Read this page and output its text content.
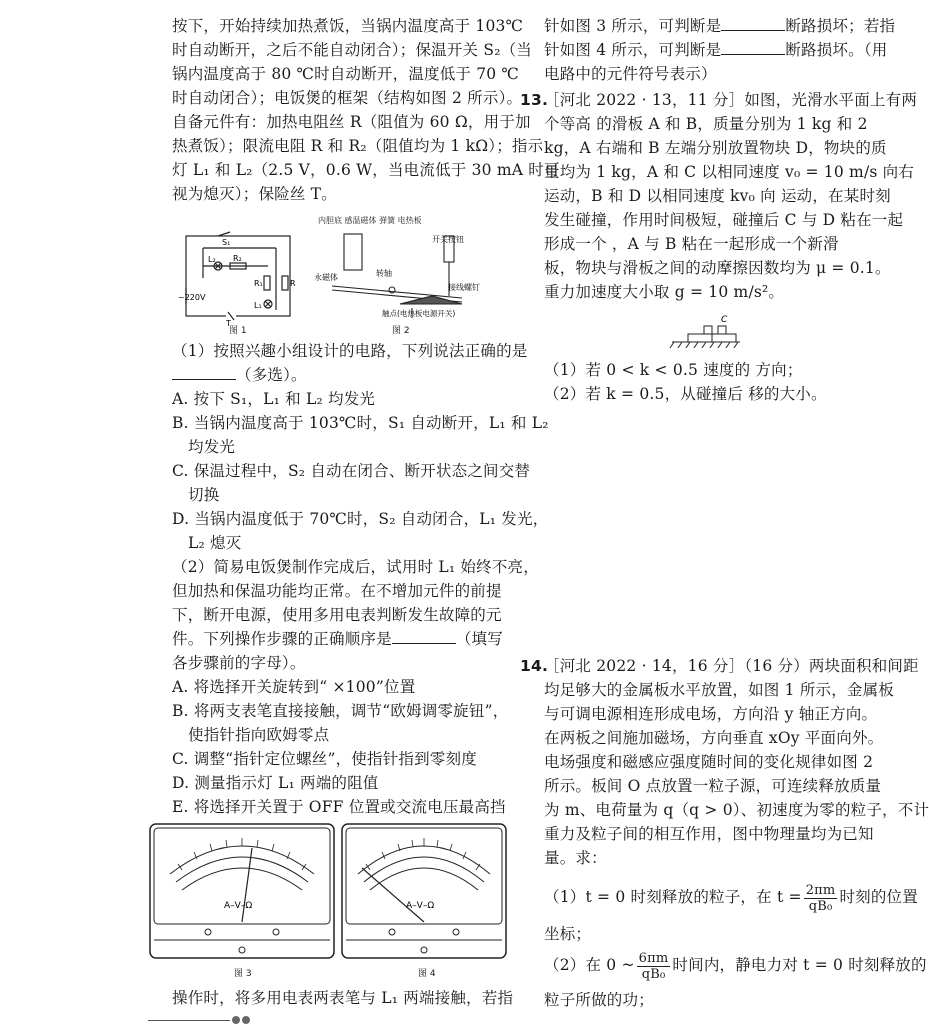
按下，开始持续加热煮饭，当锅内温度高于 103℃
时自动断开，之后不能自动闭合）；保温开关 S₂（当
锅内温度高于 80 ℃时自动断开，温度低于 70 ℃
时自动闭合）；电饭煲的框架（结构如图 2 所示）。
自备元件有：加热电阻丝 R（阻值为 60 Ω，用于加
热煮饭）；限流电阻 R 和 R₂（阻值均为 1 kΩ）；指示
灯 L₁ 和 L₂（2.5 V，0.6 W，当电流低于 30 mA 时可
视为熄灭）；保险丝 T。
S₁
L₂ R₂
R₁	R
L₁
~220V
T
图 1
内胆底 感温磁体 弹簧 电热板
开关按钮
转轴
永磁体
接线螺钉
触点(电热板电源开关)
图 2
（1）按照兴趣小组设计的电路，下列说法正确的是
（多选）。
A. 按下 S₁，L₁ 和 L₂ 均发光
B. 当锅内温度高于 103℃时，S₁ 自动断开，L₁ 和 L₂
均发光
C. 保温过程中，S₂ 自动在闭合、断开状态之间交替
切换
D. 当锅内温度低于 70℃时，S₂ 自动闭合，L₁ 发光，
L₂ 熄灭
（2）简易电饭煲制作完成后，试用时 L₁ 始终不亮，
但加热和保温功能均正常。在不增加元件的前提
下，断开电源，使用多用电表判断发生故障的元
件。下列操作步骤的正确顺序是	（填写
各步骤前的字母）。
A. 将选择开关旋转到“ ×100”位置
B. 将两支表笔直接接触，调节“欧姆调零旋钮”，
使指针指向欧姆零点
C. 调整“指针定位螺丝”，使指针指到零刻度
D. 测量指示灯 L₁ 两端的阻值
E. 将选择开关置于 OFF 位置或交流电压最高挡
A–V–Ω
图 3
A–V–Ω
图 4
操作时，将多用电表两表笔与 L₁ 两端接触，若指
针如图 3 所示，可判断是	断路损坏；若指
针如图 4 所示，可判断是	断路损坏。（用
电路中的元件符号表示）
13.
［河北 2022 · 13，11 分］如图，光滑水平面上有两
个等高 的滑板 A 和 B，质量分别为 1 kg 和 2
kg，A 右端和 B 左端分别放置物块 D，物块的质
量均为 1 kg，A 和 C 以相同速度 v₀ = 10 m/s 向右
运动，B 和 D 以相同速度 kv₀ 向 运动，在某时刻
发生碰撞，作用时间极短，碰撞后 C 与 D 粘在一起
形成一个 ，A 与 B 粘在一起形成一个新滑
板，物块与滑板之间的动摩擦因数均为 μ = 0.1。
重力加速度大小取 g = 10 m/s²。
C
（1）若 0 < k < 0.5 速度的 方向；
（2）若 k = 0.5，从碰撞后 移的大小。
14.
［河北 2022 · 14，16 分］（16 分）两块面积和间距
均足够大的金属板水平放置，如图 1 所示，金属板
与可调电源相连形成电场，方向沿 y 轴正方向。
在两板之间施加磁场，方向垂直 xOy 平面向外。
电场强度和磁感应强度随时间的变化规律如图 2
所示。板间 O 点放置一粒子源，可连续释放质量
为 m、电荷量为 q（q > 0）、初速度为零的粒子，不计
重力及粒子间的相互作用，图中物理量均为已知
量。求：
（1）t = 0 时刻释放的粒子，在 $t = \frac{2\pi m}{\text{qB₀}}$ 时刻的位置
坐标；
（2）在 0 ~ $\frac{6\pi m}{\text{qB₀}}$ 时间内，静电力对 t = 0 时刻释放的
粒子所做的功；
